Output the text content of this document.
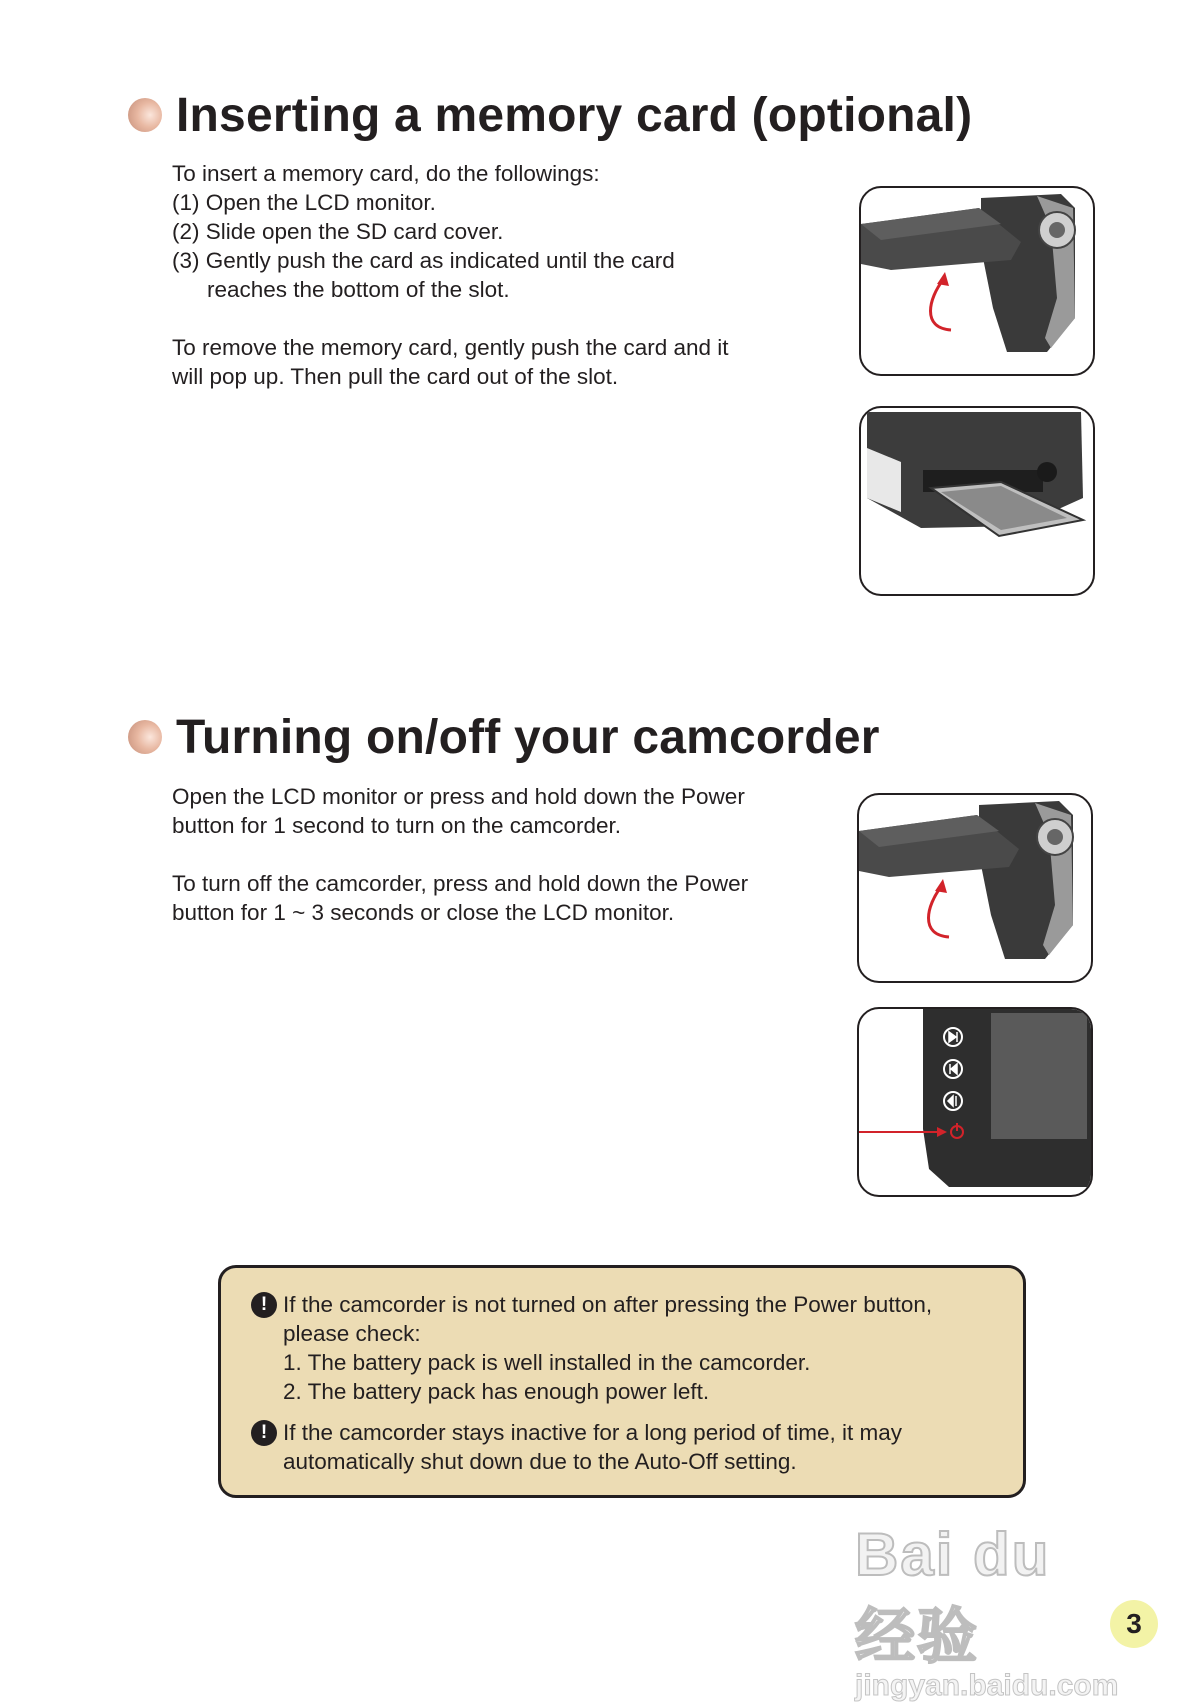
Inserting a memory card (optional)

To insert a memory card, do the followings:

(1) Open the LCD monitor.

(2) Slide open the SD card cover.

(3) Gently push the card as indicated until the card

reaches the bottom of the slot.

To remove the memory card, gently push the card and it

will pop up. Then pull the card out of the slot.

Turning on/off your camcorder

Open the LCD monitor or press and hold down the Power

button for 1 second to turn on the camcorder.

To turn off the camcorder, press and hold down the Power

button for 1 ~ 3 seconds or close the LCD monitor.

! If the camcorder is not turned on after pressing the Power button,
please check:
1. The battery pack is well installed in the camcorder.
2. The battery pack has enough power left.
! If the camcorder stays inactive for a long period of time, it may
automatically shut down due to the Auto-Off setting.
Bai du 经验
jingyan.baidu.com
3
